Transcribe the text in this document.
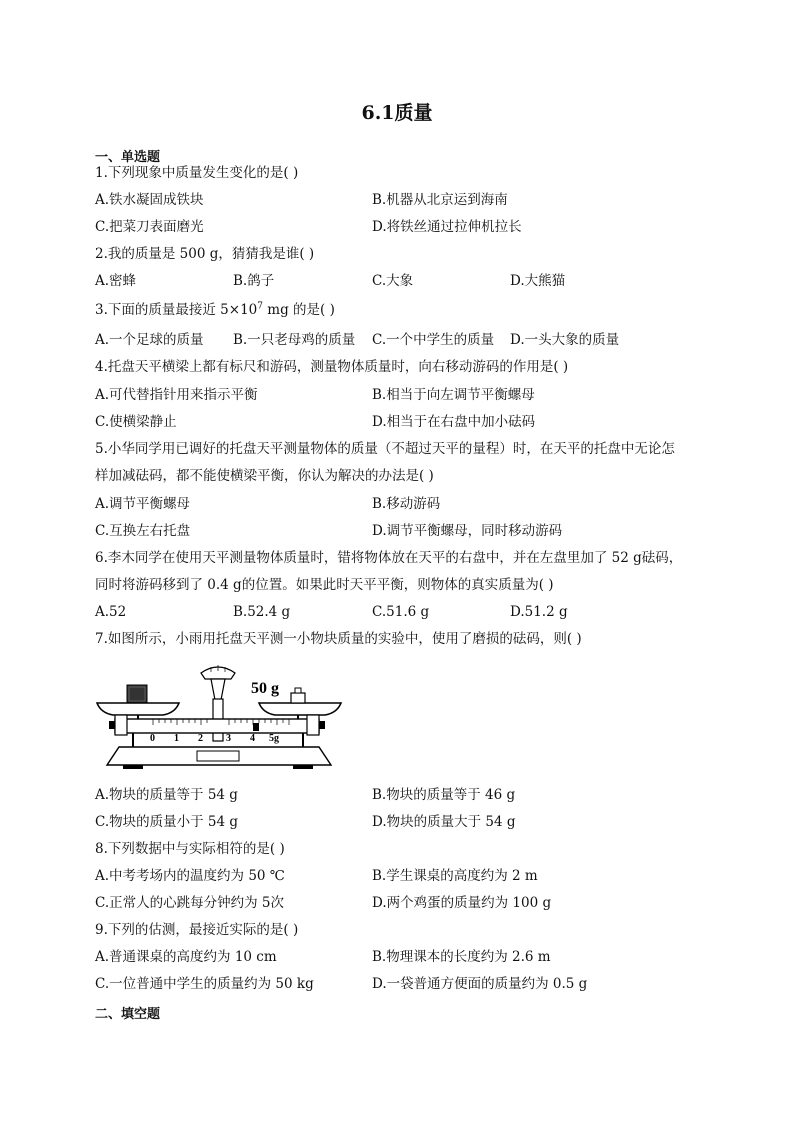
6.1质量
一、单选题
1.下列现象中质量发生变化的是( )
A.铁水凝固成铁块	B.机器从北京运到海南
C.把菜刀表面磨光	D.将铁丝通过拉伸机拉长
2.我的质量是 500 g，猜猜我是谁( )
A.密蜂	B.鸽子	C.大象	D.大熊猫
3.下面的质量最接近 $5\times 10^7$ mg 的是( )
A.一个足球的质量 B.一只老母鸡的质量 C.一个中学生的质量 D.一头大象的质量
4.托盘天平横梁上都有标尺和游码，测量物体质量时，向右移动游码的作用是( )
A.可代替指针用来指示平衡	B.相当于向左调节平衡螺母
C.使横梁静止	D.相当于在右盘中加小砝码
5.小华同学用已调好的托盘天平测量物体的质量（不超过天平的量程）时，在天平的托盘中无论怎
样加减砝码，都不能使横梁平衡，你认为解决的办法是( )
A.调节平衡螺母	B.移动游码
C.互换左右托盘	D.调节平衡螺母，同时移动游码
6.李木同学在使用天平测量物体质量时，错将物体放在天平的右盘中，并在左盘里加了 52 g砝码，
同时将游码移到了 0.4 g的位置。如果此时天平平衡，则物体的真实质量为( )
A.52	B.52.4 g	C.51.6 g	D.51.2 g
7.如图所示，小雨用托盘天平测一小物块质量的实验中，使用了磨损的砝码，则( )
50 g
0 1 2 3 4 5g
A.物块的质量等于 54 g	B.物块的质量等于 46 g
C.物块的质量小于 54 g	D.物块的质量大于 54 g
8.下列数据中与实际相符的是( )
A.中考考场内的温度约为 50 ℃	B.学生课桌的高度约为 2 m
C.正常人的心跳每分钟约为 5次	D.两个鸡蛋的质量约为 100 g
9.下列的估测，最接近实际的是( )
A.普通课桌的高度约为 10 cm	B.物理课本的长度约为 2.6 m
C.一位普通中学生的质量约为 50 kg	D.一袋普通方便面的质量约为 0.5 g
二、填空题
